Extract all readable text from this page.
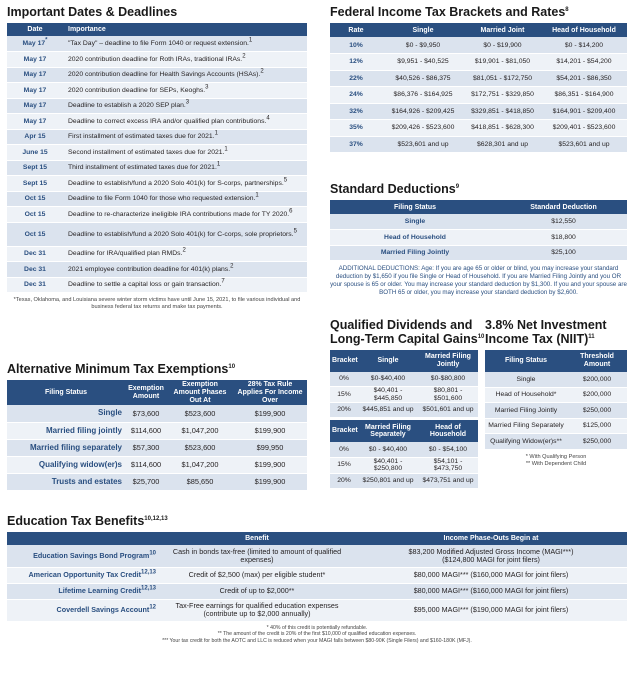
Important Dates & Deadlines
Date	Importance
May 17*	"Tax Day" – deadline to file Form 1040 or request extension.$^1$
May 17	2020 contribution deadline for Roth IRAs, traditional IRAs.$^2$
May 17	2020 contribution deadline for Health Savings Accounts (HSAs).$^2$
May 17	2020 contribution deadline for SEPs, Keoghs.$^3$
May 17	Deadline to establish a 2020 SEP plan.$^3$
May 17	Deadline to correct excess IRA and/or qualified plan contributions.$^4$
Apr 15	First installment of estimated taxes due for 2021.$^1$
June 15	Second installment of estimated taxes due for 2021.$^1$
Sept 15	Third installment of estimated taxes due for 2021.$^1$
Sept 15	Deadline to establish/fund a 2020 Solo 401(k) for S-corps, partnerships.$^5$
Oct 15	Deadline to file Form 1040 for those who requested extension.$^1$
Oct 15	Deadline to re-characterize ineligible IRA contributions made for TY 2020.$^6$
Oct 15	Deadline to establish/fund a 2020 Solo 401(k) for C-corps, sole proprietors.$^5$
Dec 31	Deadline for IRA/qualified plan RMDs.$^2$
Dec 31	2021 employee contribution deadline for 401(k) plans.$^2$
Dec 31	Deadline to settle a capital loss or gain transaction.$^7$

*Texas, Oklahoma, and Louisiana severe winter storm victims have until June 15, 2021, to file various individual and business federal tax returns and make tax payments.

Alternative Minimum Tax Exemptions$^{10}$
Filing Status	Exemption Amount	Exemption Amount Phases Out At	28% Tax Rule Applies For Income Over
Single	$73,600	$523,600	$199,900
Married filing jointly	$114,600	$1,047,200	$199,900
Married filing separately	$57,300	$523,600	$99,950
Qualifying widow(er)s	$114,600	$1,047,200	$199,900
Trusts and estates	$25,700	$85,650	$199,900
Federal Income Tax Brackets and Rates$^8$
Rate	Single	Married Joint	Head of Household
10%	$0 - $9,950	$0 - $19,900	$0 - $14,200
12%	$9,951 - $40,525	$19,901 - $81,050	$14,201 - $54,200
22%	$40,526 - $86,375	$81,051 - $172,750	$54,201 - $86,350
24%	$86,376 - $164,925	$172,751 - $329,850	$86,351 - $164,900
32%	$164,926 - $209,425	$329,851 - $418,850	$164,901 - $209,400
35%	$209,426 - $523,600	$418,851 - $628,300	$209,401 - $523,600
37%	$523,601 and up	$628,301 and up	$523,601 and up
Standard Deductions$^9$
Filing Status	Standard Deduction
Single	$12,550
Head of Household	$18,800
Married Filing Jointly	$25,100

ADDITIONAL DEDUCTIONS: Age: If you are age 65 or older or blind, you may increase your standard deduction by $1,650 if you file Single or Head of Household. If you are Married Filing Jointly and you OR your spouse is 65 or older. You may increase your standard deduction by $1,300. If you and your spouse are BOTH 65 or older, you may increase your standard deduction by $2,600.

Qualified Dividends and
Long-Term Capital Gains$^{10}$
Bracket	Single	Married Filing Jointly
0%	$0-$40,400	$0-$80,800
15%	$40,401 - $445,850	$80,801 - $501,600
20%	$445,851 and up	$501,601 and up
Bracket	Married Filing Separately	Head of Household
0%	$0 - $40,400	$0 - $54,100
15%	$40,401 - $250,800	$54,101 - $473,750
20%	$250,801 and up	$473,751 and up
3.8% Net Investment
Income Tax (NIIT)$^{11}$
Filing Status	Threshold Amount
Single	$200,000
Head of Household*	$200,000
Married Filing Jointly	$250,000
Married Filing Separately	$125,000
Qualifying Widow(er)s**	$250,000

* With Qualifying Person

** With Dependent Child

Education Tax Benefits$^{10,12,13}$
	Benefit	Income Phase-Outs Begin at
Education Savings Bond Program$^{10}$	Cash in bonds tax-free (limited to amount of qualified expenses)	$83,200 Modified Adjusted Gross Income (MAGI***)
($124,800 MAGI for joint filers)
American Opportunity Tax Credit$^{12,13}$	Credit of $2,500 (max) per eligible student*	$80,000 MAGI*** ($160,000 MAGI for joint filers)
Lifetime Learning Credit$^{12,13}$	Credit of up to $2,000**	$80,000 MAGI*** ($160,000 MAGI for joint filers)
Coverdell Savings Account$^{12}$	Tax-Free earnings for qualified education expenses
(contribute up to $2,000 annually)	$95,000 MAGI*** ($190,000 MAGI for joint filers)

* 40% of this credit is potentially refundable.

** The amount of the credit is 20% of the first $10,000 of qualified education expenses.

*** Your tax credit for both the AOTC and LLC is reduced when your MAGI falls between $80-90K (Single Filers) and $160-180K (MFJ).
